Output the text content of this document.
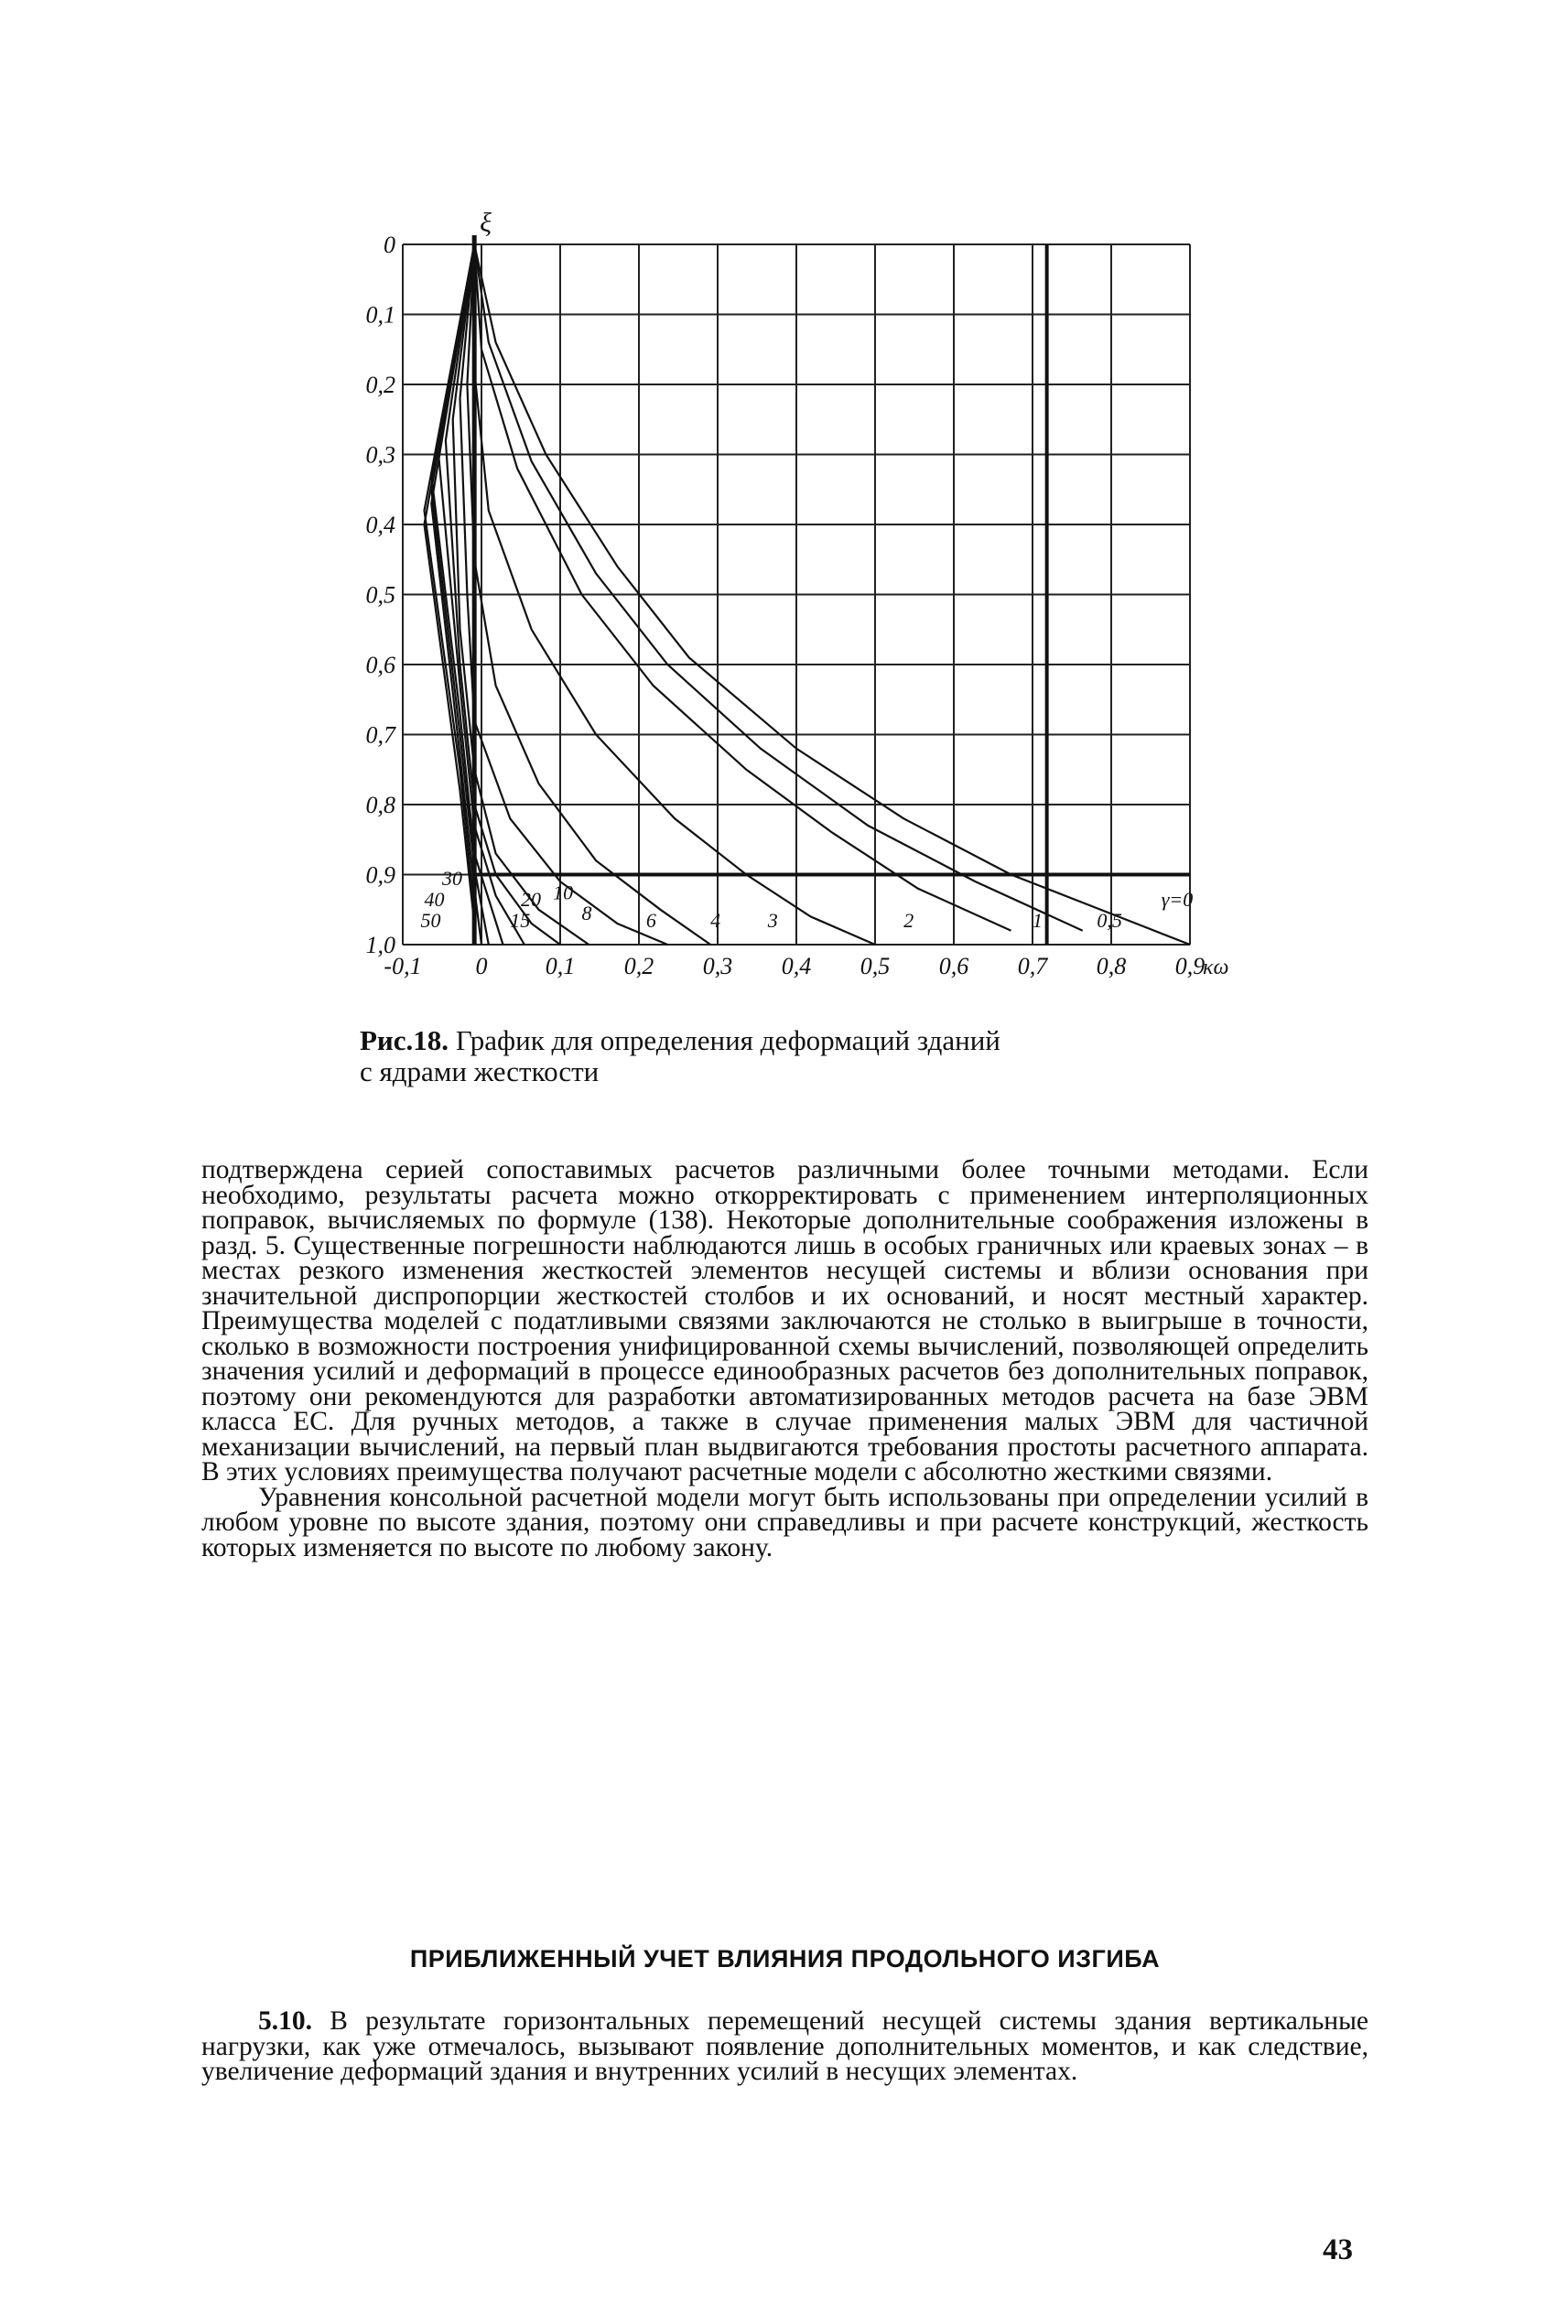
-0,1 0 0,1 0,2 0,3 0,4 0,5 0,6 0,7 0,8 0,9
0
0,1
0,2
0,3
0,4
0,5
0,6
0,7
0,8
0,9
1,0
ξ
κω
γ=0
0,5
1
2
3
4
6
8
10
15
20
30
40
50
Рис.18. График для определения деформаций зданий
с ядрами жесткости

подтверждена серией сопоставимых расчетов различными более точными методами. Если необходимо, результаты расчета можно откорректировать с применением интерполяционных поправок, вычисляемых по формуле (138). Некоторые дополнительные соображения изложены в разд. 5. Существенные погрешности наблюдаются лишь в особых граничных или краевых зонах – в местах резкого изменения жесткостей элементов несущей системы и вблизи основания при значительной диспропорции жесткостей столбов и их оснований, и носят местный характер. Преимущества моделей с податливыми связями заключаются не столько в выигрыше в точности, сколько в возможности построения унифицированной схемы вычислений, позволяющей определить значения усилий и деформаций в процессе единообразных расчетов без дополнительных поправок, поэтому они рекомендуются для разработки автоматизированных методов расчета на базе ЭВМ класса ЕС. Для ручных методов, а также в случае применения малых ЭВМ для частичной механизации вычислений, на первый план выдвигаются требования простоты расчетного аппарата. В этих условиях преимущества получают расчетные модели с абсолютно жесткими связями.

Уравнения консольной расчетной модели могут быть использованы при определении усилий в любом уровне по высоте здания, поэтому они справедливы и при расчете конструкций, жесткость которых изменяется по высоте по любому закону.

ПРИБЛИЖЕННЫЙ УЧЕТ ВЛИЯНИЯ ПРОДОЛЬНОГО ИЗГИБА

5.10. В результате горизонтальных перемещений несущей системы здания вертикальные нагрузки, как уже отмечалось, вызывают появление дополнительных моментов, и как следствие, увеличение деформаций здания и внутренних усилий в несущих элементах.

43
